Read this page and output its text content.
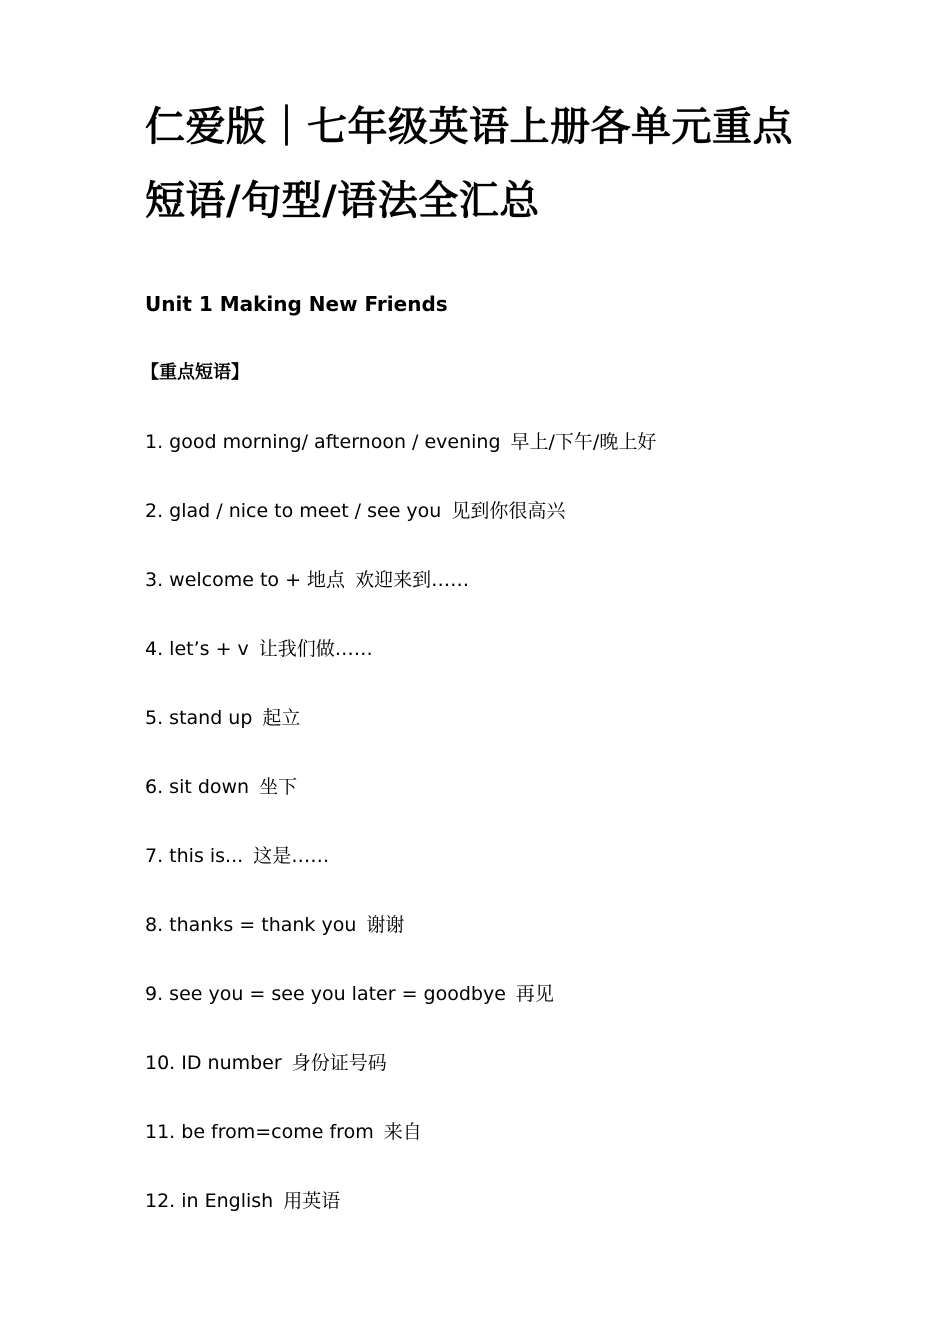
仁爱版｜七年级英语上册各单元重点
短语/句型/语法全汇总
Unit 1 Making New Friends
【重点短语】
1. good morning/ afternoon / evening 早上/下午/晚上好
2. glad / nice to meet / see you 见到你很高兴
3. welcome to + 地点 欢迎来到……
4. let’s + v 让我们做……
5. stand up 起立
6. sit down 坐下
7. this is... 这是……
8. thanks = thank you 谢谢
9. see you = see you later = goodbye 再见
10. ID number 身份证号码
11. be from=come from 来自
12. in English 用英语
